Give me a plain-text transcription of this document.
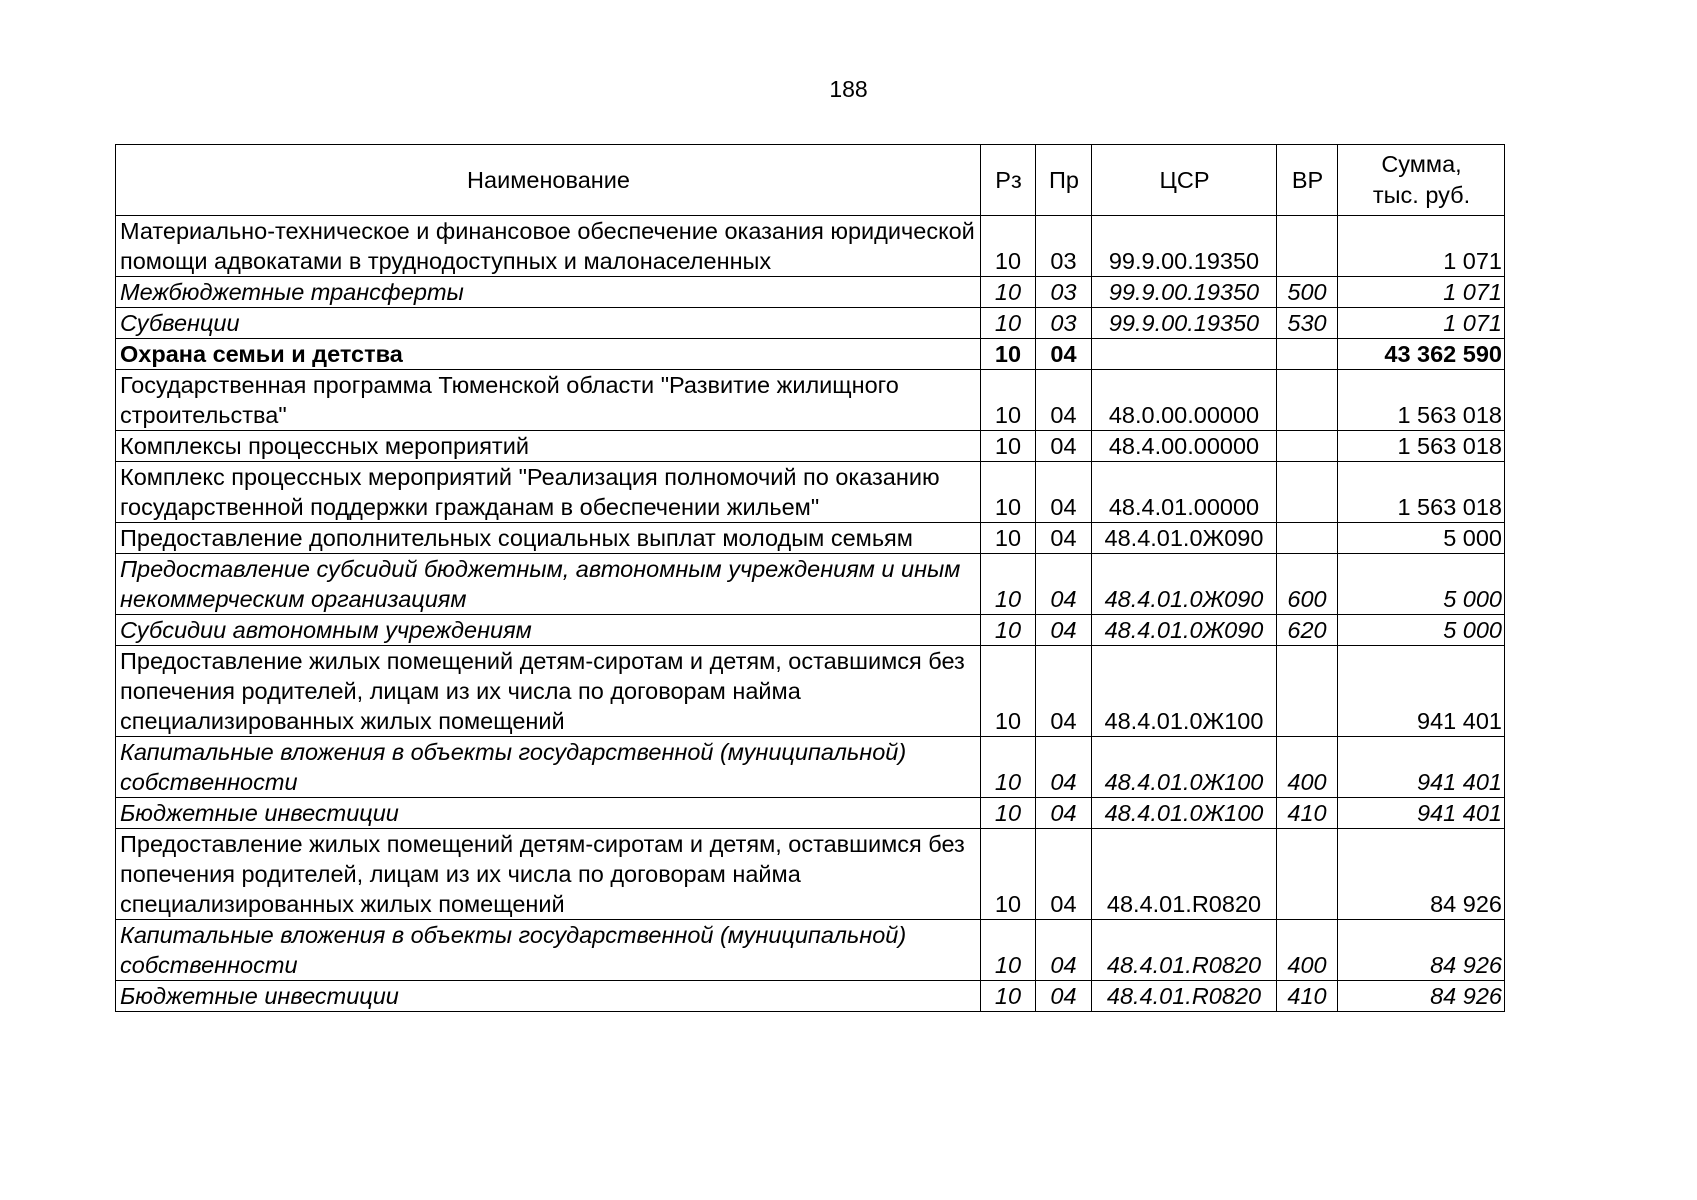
188
Наименование	Рз	Пр	ЦСР	ВР	Сумма,
тыс. руб.
Материально-техническое и финансовое обеспечение оказания юридической помощи адвокатами в труднодоступных и малонаселенных	10	03	99.9.00.19350		1 071
Межбюджетные трансферты	10	03	99.9.00.19350	500	1 071
Субвенции	10	03	99.9.00.19350	530	1 071
Охрана семьи и детства	10	04			43 362 590
Государственная программа Тюменской области "Развитие жилищного строительства"	10	04	48.0.00.00000		1 563 018
Комплексы процессных мероприятий	10	04	48.4.00.00000		1 563 018
Комплекс процессных мероприятий "Реализация полномочий по оказанию государственной поддержки гражданам в обеспечении жильем"	10	04	48.4.01.00000		1 563 018
Предоставление дополнительных социальных выплат молодым семьям	10	04	48.4.01.0Ж090		5 000
Предоставление субсидий бюджетным, автономным учреждениям и иным некоммерческим организациям	10	04	48.4.01.0Ж090	600	5 000
Субсидии автономным учреждениям	10	04	48.4.01.0Ж090	620	5 000
Предоставление жилых помещений детям-сиротам и детям, оставшимся без попечения родителей, лицам из их числа по договорам найма специализированных жилых помещений	10	04	48.4.01.0Ж100		941 401
Капитальные вложения в объекты государственной (муниципальной) собственности	10	04	48.4.01.0Ж100	400	941 401
Бюджетные инвестиции	10	04	48.4.01.0Ж100	410	941 401
Предоставление жилых помещений детям-сиротам и детям, оставшимся без попечения родителей, лицам из их числа по договорам найма специализированных жилых помещений	10	04	48.4.01.R0820		84 926
Капитальные вложения в объекты государственной (муниципальной) собственности	10	04	48.4.01.R0820	400	84 926
Бюджетные инвестиции	10	04	48.4.01.R0820	410	84 926
